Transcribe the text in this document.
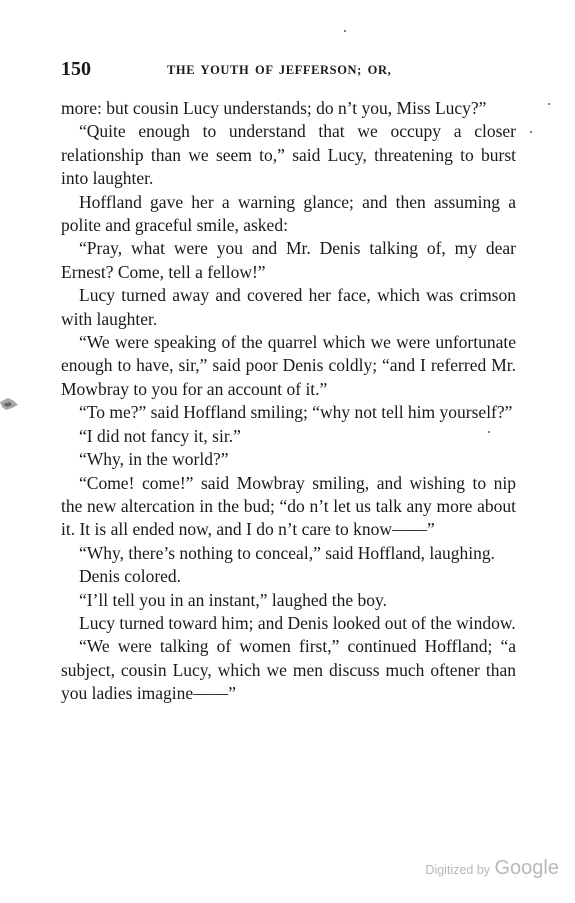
150	THE YOUTH OF JEFFERSON; OR,

more: but cousin Lucy understands; do n’t you, Miss Lucy?”

“Quite enough to understand that we occupy a closer relationship than we seem to,” said Lucy, threatening to burst into laughter.

Hoffland gave her a warning glance; and then assuming a polite and graceful smile, asked:

“Pray, what were you and Mr. Denis talking of, my dear Ernest? Come, tell a fellow!”

Lucy turned away and covered her face, which was crimson with laughter.

“We were speaking of the quarrel which we were unfortunate enough to have, sir,” said poor Denis coldly; “and I referred Mr. Mowbray to you for an account of it.”

“To me?” said Hoffland smiling; “why not tell him yourself?”

“I did not fancy it, sir.”

“Why, in the world?”

“Come! come!” said Mowbray smiling, and wishing to nip the new altercation in the bud; “do n’t let us talk any more about it. It is all ended now, and I do n’t care to know——”

“Why, there’s nothing to conceal,” said Hoffland, laughing.

Denis colored.

“I’ll tell you in an instant,” laughed the boy.

Lucy turned toward him; and Denis looked out of the window.

“We were talking of women first,” continued Hoffland; “a subject, cousin Lucy, which we men discuss much oftener than you ladies imagine——”

Digitized by Google
